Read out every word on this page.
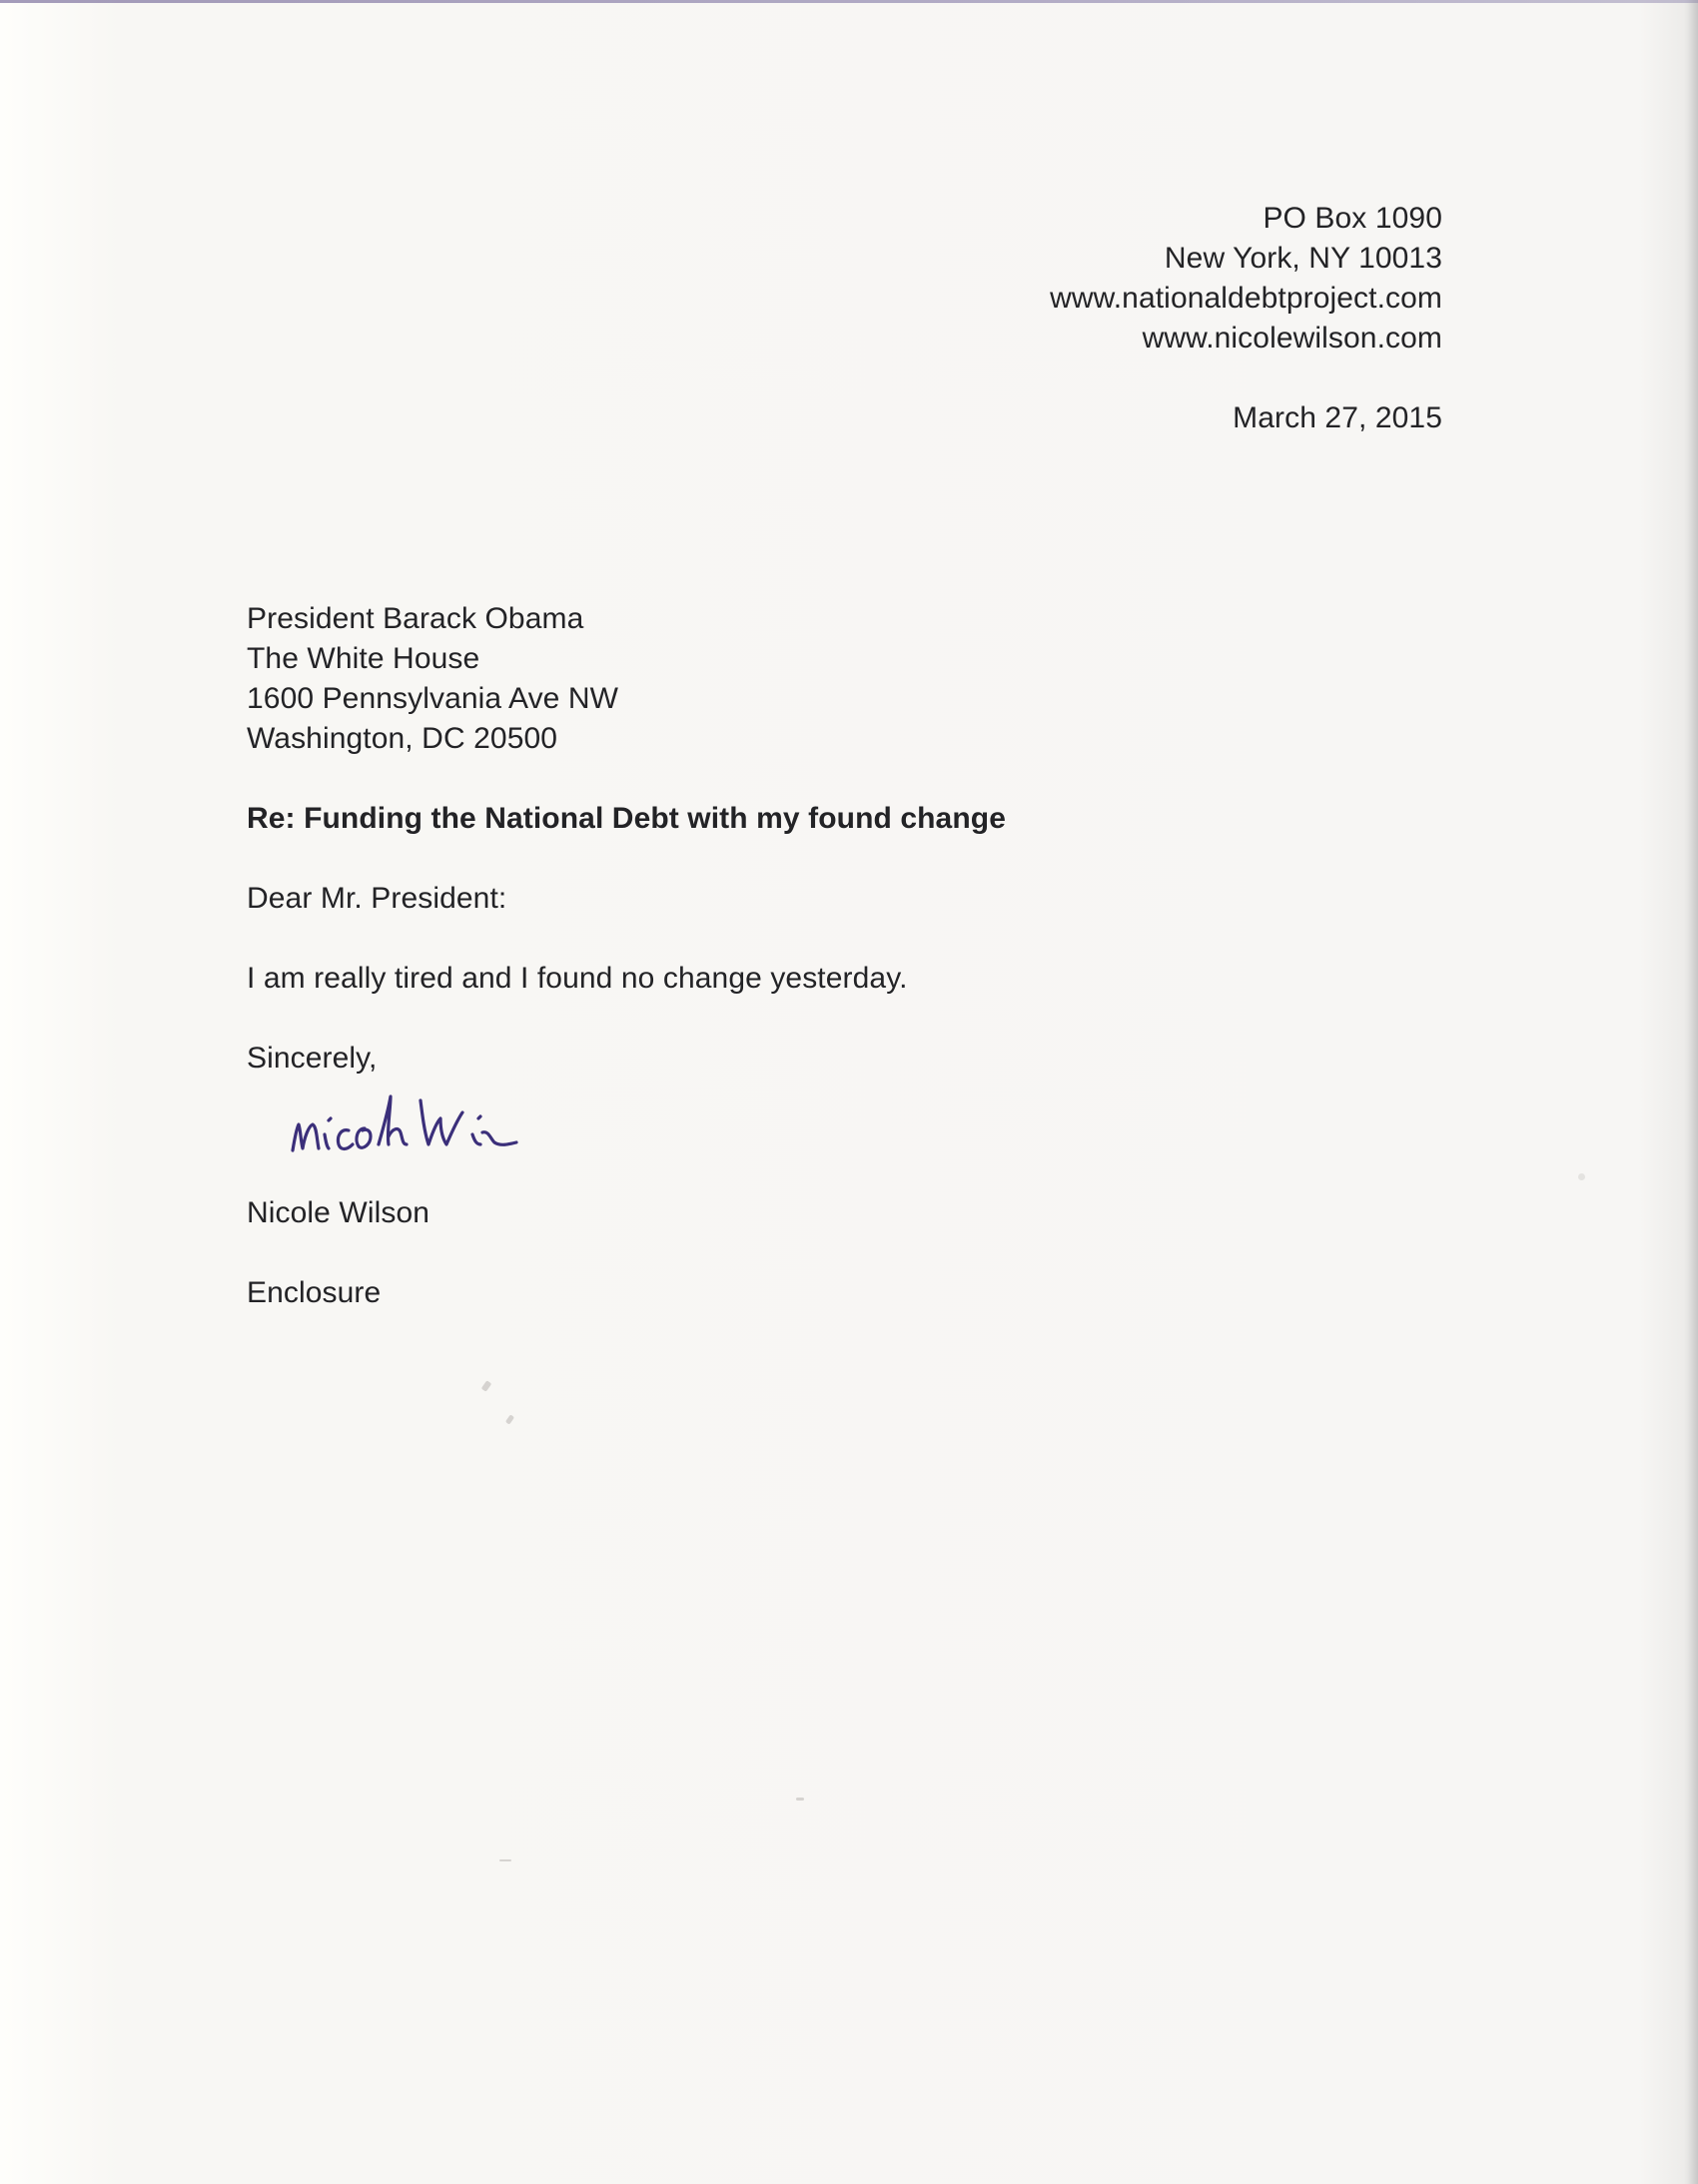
PO Box 1090
New York, NY 10013
www.nationaldebtproject.com
www.nicolewilson.com
March 27, 2015
President Barack Obama
The White House
1600 Pennsylvania Ave NW
Washington, DC 20500
Re: Funding the National Debt with my found change
Dear Mr. President:
I am really tired and I found no change yesterday.
Sincerely,
Nicole Wilson
Enclosure
